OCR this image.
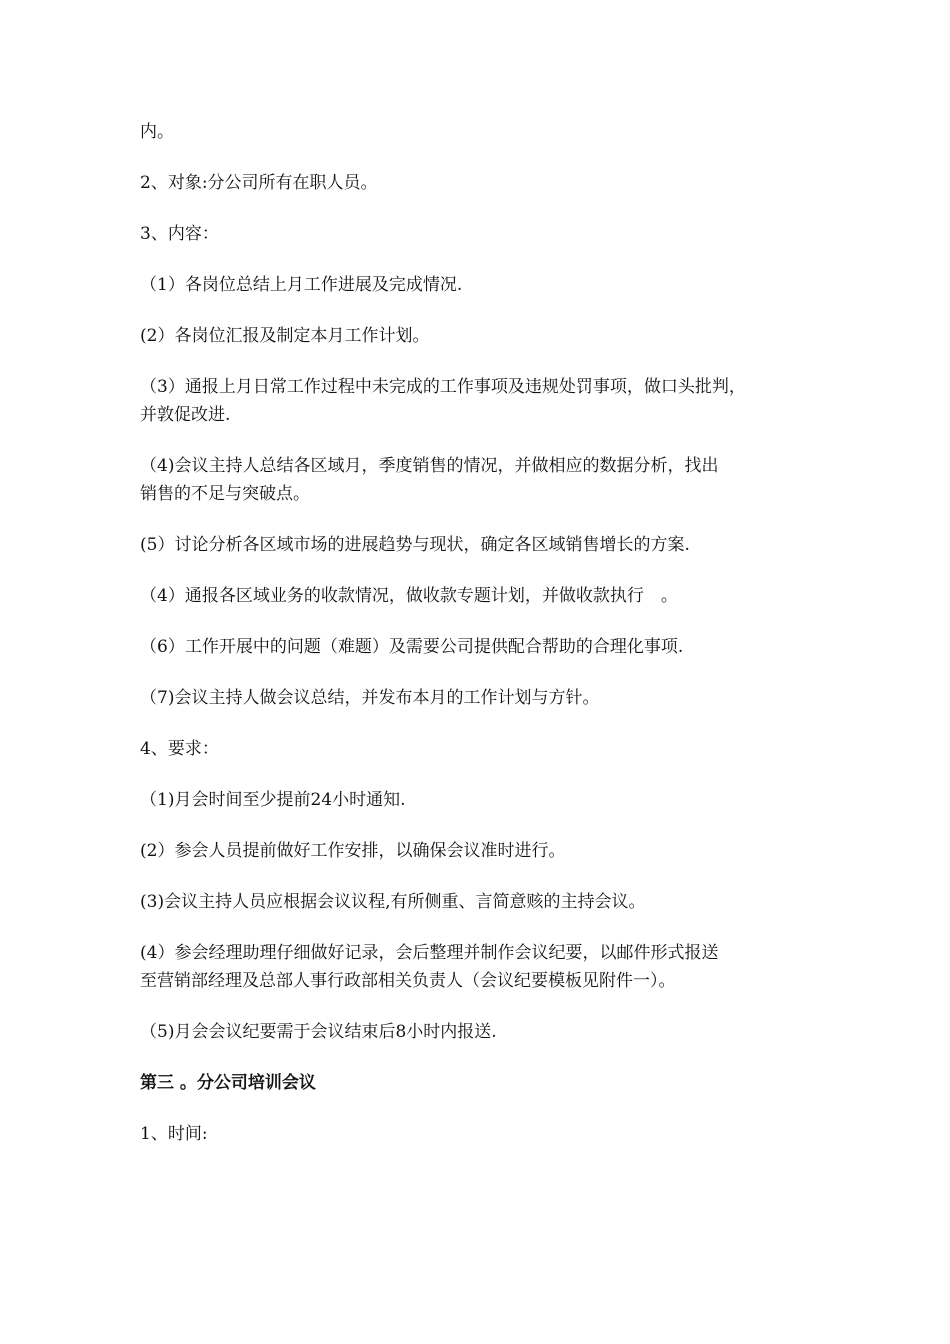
内。

2、对象:分公司所有在职人员。

3、内容：

（1）各岗位总结上月工作进展及完成情况.

(2）各岗位汇报及制定本月工作计划。

（3）通报上月日常工作过程中未完成的工作事项及违规处罚事项，做口头批判，

并敦促改进.

（4)会议主持人总结各区域月，季度销售的情况，并做相应的数据分析，找出

销售的不足与突破点。

(5）讨论分析各区域市场的进展趋势与现状，确定各区域销售增长的方案.

（4）通报各区域业务的收款情况，做收款专题计划，并做收款执行　。

（6）工作开展中的问题（难题）及需要公司提供配合帮助的合理化事项.

（7)会议主持人做会议总结，并发布本月的工作计划与方针。

4、要求：

（1)月会时间至少提前24小时通知.

(2）参会人员提前做好工作安排，以确保会议准时进行。

(3)会议主持人员应根据会议议程,有所侧重、言简意赅的主持会议。

(4）参会经理助理仔细做好记录，会后整理并制作会议纪要，以邮件形式报送

至营销部经理及总部人事行政部相关负责人（会议纪要模板见附件一）。

（5)月会会议纪要需于会议结束后8小时内报送.

第三 。分公司培训会议

1、时间:
